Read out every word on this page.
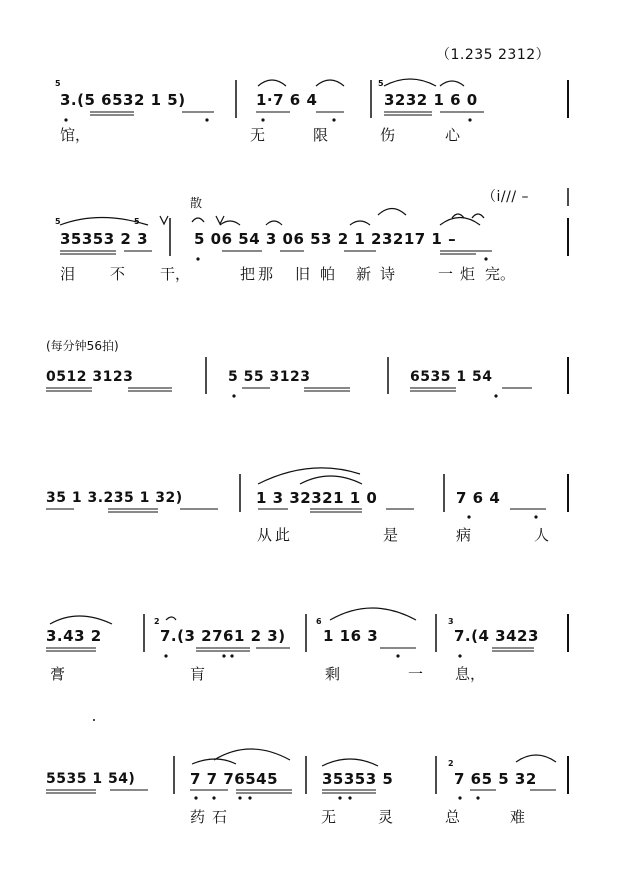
（1.235 2312）
5
3.(5 6532 1 5)	1·7 6 4
5
3232 1 6 0
馆，	无	限	伤	心
散	（i/// –
5	5
35353 2 3	5 06 54 3 06 53 2 1 23217 1 –
泪 不 干，	把 那 旧 帕 新 诗	一 炬 完。
(每分钟56拍)
0512 3123	5 55 3123	6535 1 54
35 1 3.235 1 32)	1 3 32321 1 0	7 6 4
从 此	是	病	人
3.43 2
2
7.(3 2761 2 3)
6
1 16 3
3
7.(4 3423
膏	肓	剩	一 息，
5535 1 54)	7 7 76545	35353 5
2
7 65 5 32
药 石	无	灵	总	难
